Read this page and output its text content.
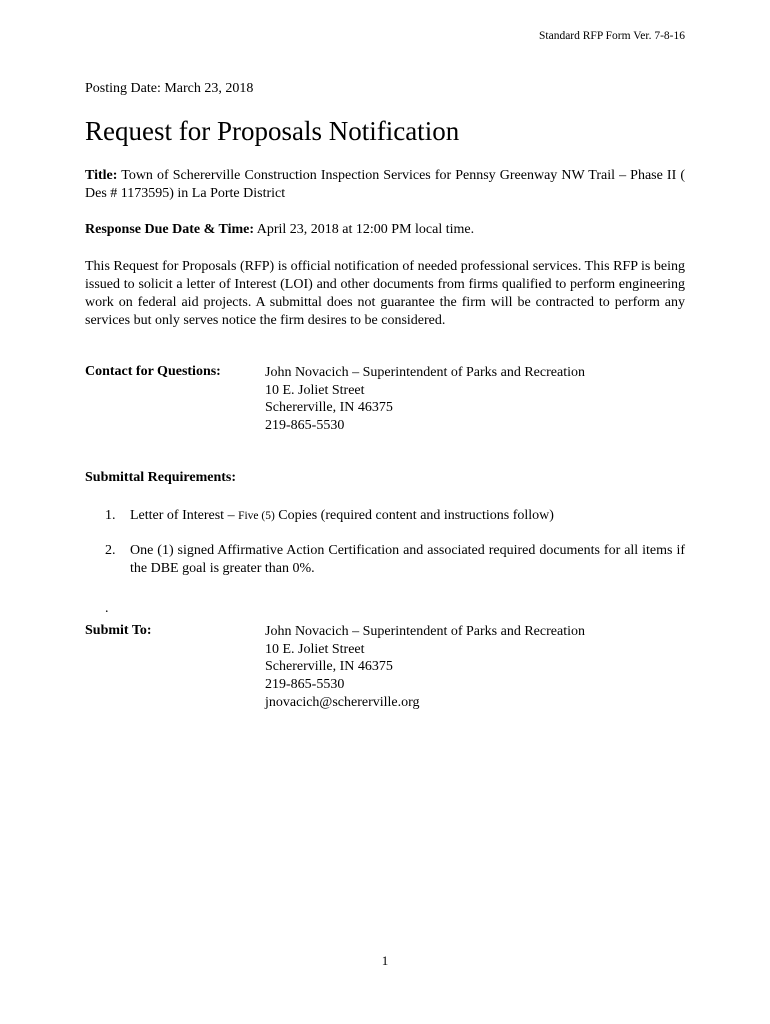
Standard RFP Form Ver. 7-8-16
Posting Date: March 23, 2018
Request for Proposals Notification

Title: Town of Schererville Construction Inspection Services for Pennsy Greenway NW Trail – Phase II ( Des # 1173595) in La Porte District

Response Due Date & Time: April 23, 2018 at 12:00 PM local time.

This Request for Proposals (RFP) is official notification of needed professional services. This RFP is being issued to solicit a letter of Interest (LOI) and other documents from firms qualified to perform engineering work on federal aid projects. A submittal does not guarantee the firm will be contracted to perform any services but only serves notice the firm desires to be considered.

Contact for Questions:	John Novacich – Superintendent of Parks and Recreation
10 E. Joliet Street
Schererville, IN 46375
219-865-5530
Submittal Requirements:
1. Letter of Interest – Five (5) Copies (required content and instructions follow)
2. One (1) signed Affirmative Action Certification and associated required documents for all items if the DBE goal is greater than 0%.
.
Submit To:	John Novacich – Superintendent of Parks and Recreation
10 E. Joliet Street
Schererville, IN 46375
219-865-5530
jnovacich@schererville.org
1
